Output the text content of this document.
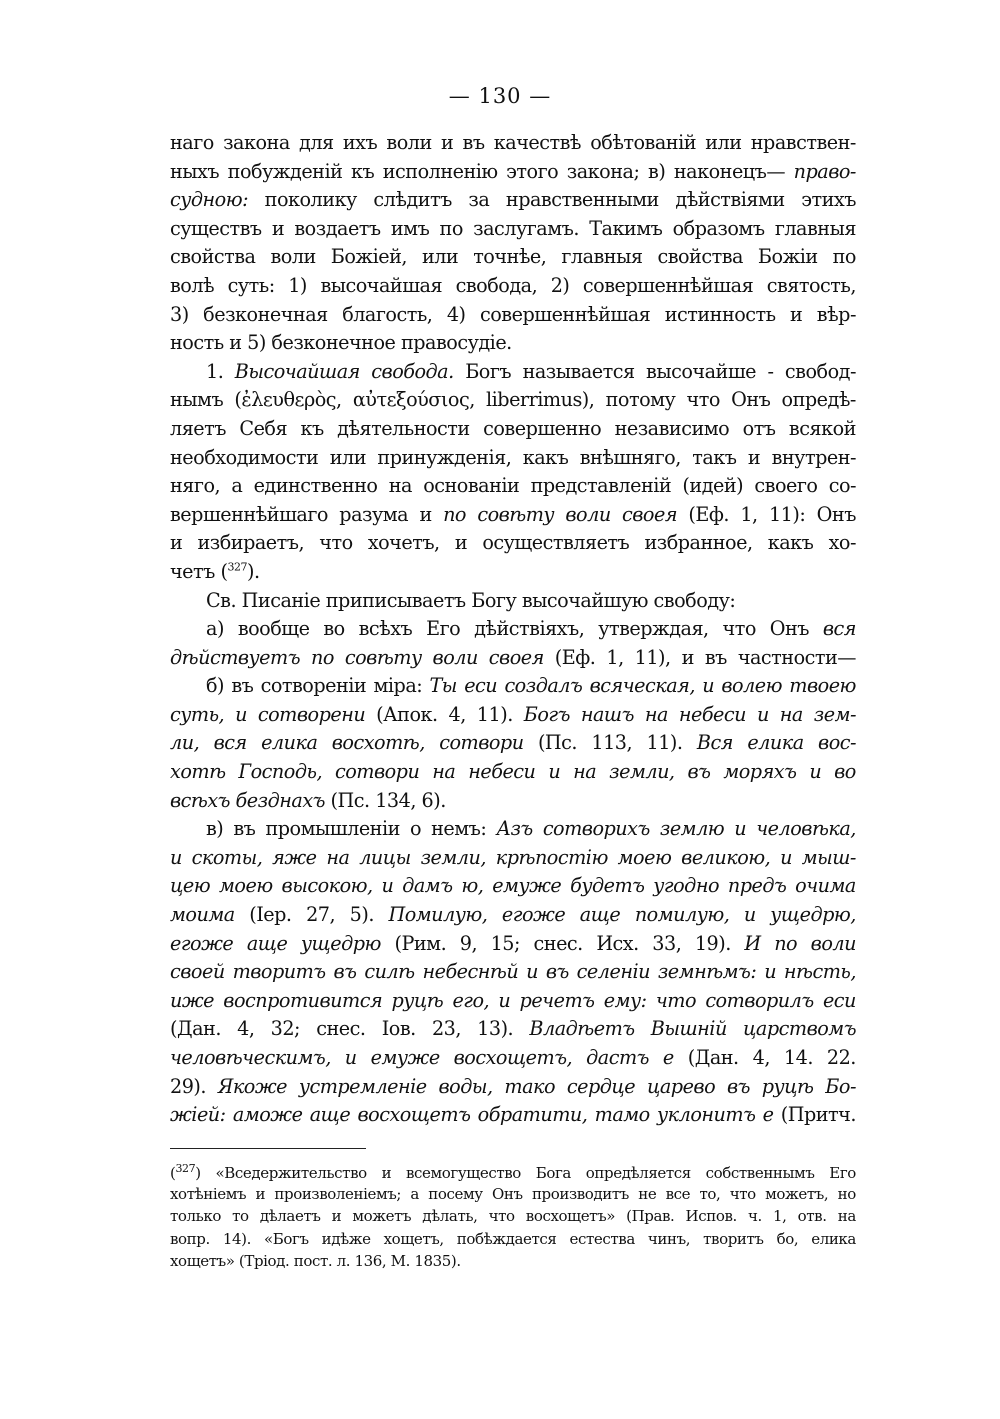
— 130 —
наго закона для ихъ воли и въ качествѣ обѣтованій или нравствен-
ныхъ побужденій къ исполненію этого закона; в) наконецъ— право-
судною: поколику слѣдитъ за нравственными дѣйствіями этихъ
существъ и воздаетъ имъ по заслугамъ. Такимъ образомъ главныя
свойства воли Божіей, или точнѣе, главныя свойства Божіи по
волѣ суть: 1) высочайшая свобода, 2) совершеннѣйшая святость,
3) безконечная благость, 4) совершеннѣйшая истинность и вѣр-
ность и 5) безконечное правосудіе.
1. Высочайшая свобода. Богъ называется высочайше - свобод-
нымъ (ἐλευθερὸς, αὐτεξούσιος, liberrimus), потому что Онъ опредѣ-
ляетъ Себя къ дѣятельности совершенно независимо отъ всякой
необходимости или принужденія, какъ внѣшняго, такъ и внутрен-
няго, а единственно на основаніи представленій (идей) своего со-
вершеннѣйшаго разума и по совѣту воли своея (Еф. 1, 11): Онъ
и избираетъ, что хочетъ, и осуществляетъ избранное, какъ хо-
четъ ($^{327}$).
Св. Писаніе приписываетъ Богу высочайшую свободу:
а) вообще во всѣхъ Его дѣйствіяхъ, утверждая, что Онъ вся
дѣйствуетъ по совѣту воли своея (Еф. 1, 11), и въ частности—
б) въ сотвореніи міра: Ты еси создалъ всяческая, и волею твоею
суть, и сотворени (Апок. 4, 11). Богъ нашъ на небеси и на зем-
ли, вся елика восхотѣ, сотвори (Пс. 113, 11). Вся елика вос-
хотѣ Господь, сотвори на небеси и на земли, въ моряхъ и во
всѣхъ безднахъ (Пс. 134, 6).
в) въ промышленіи о немъ: Азъ сотворихъ землю и человѣка,
и скоты, яже на лицы земли, крѣпостію моею великою, и мыш-
цею моею высокою, и дамъ ю, емуже будетъ угодно предъ очима
моима (Іер. 27, 5). Помилую, егоже аще помилую, и ущедрю,
егоже аще ущедрю (Рим. 9, 15; снес. Исх. 33, 19). И по воли
своей творитъ въ силѣ небеснѣй и въ селеніи земнѣмъ: и нѣсть,
иже воспротивится руцѣ его, и речетъ ему: что сотворилъ еси
(Дан. 4, 32; снес. Іов. 23, 13). Владѣетъ Вышній царствомъ
человѣческимъ, и емуже восхощетъ, дастъ е (Дан. 4, 14. 22.
29). Якоже устремленіе воды, тако сердце царево въ руцѣ Бо-
жіей: аможе аще восхощетъ обратити, тамо уклонитъ е (Притч.
($^{327}$) «Вседержительство и всемогущество Бога опредѣляется собственнымъ Его
хотѣніемъ и произволеніемъ; а посему Онъ производитъ не все то, что можетъ, но
только то дѣлаетъ и можетъ дѣлать, что восхощетъ» (Прав. Испов. ч. 1, отв. на
вопр. 14). «Богъ идѣже хощетъ, побѣждается естества чинъ, творитъ бо, елика
хощетъ» (Тріод. пост. л. 136, М. 1835).
